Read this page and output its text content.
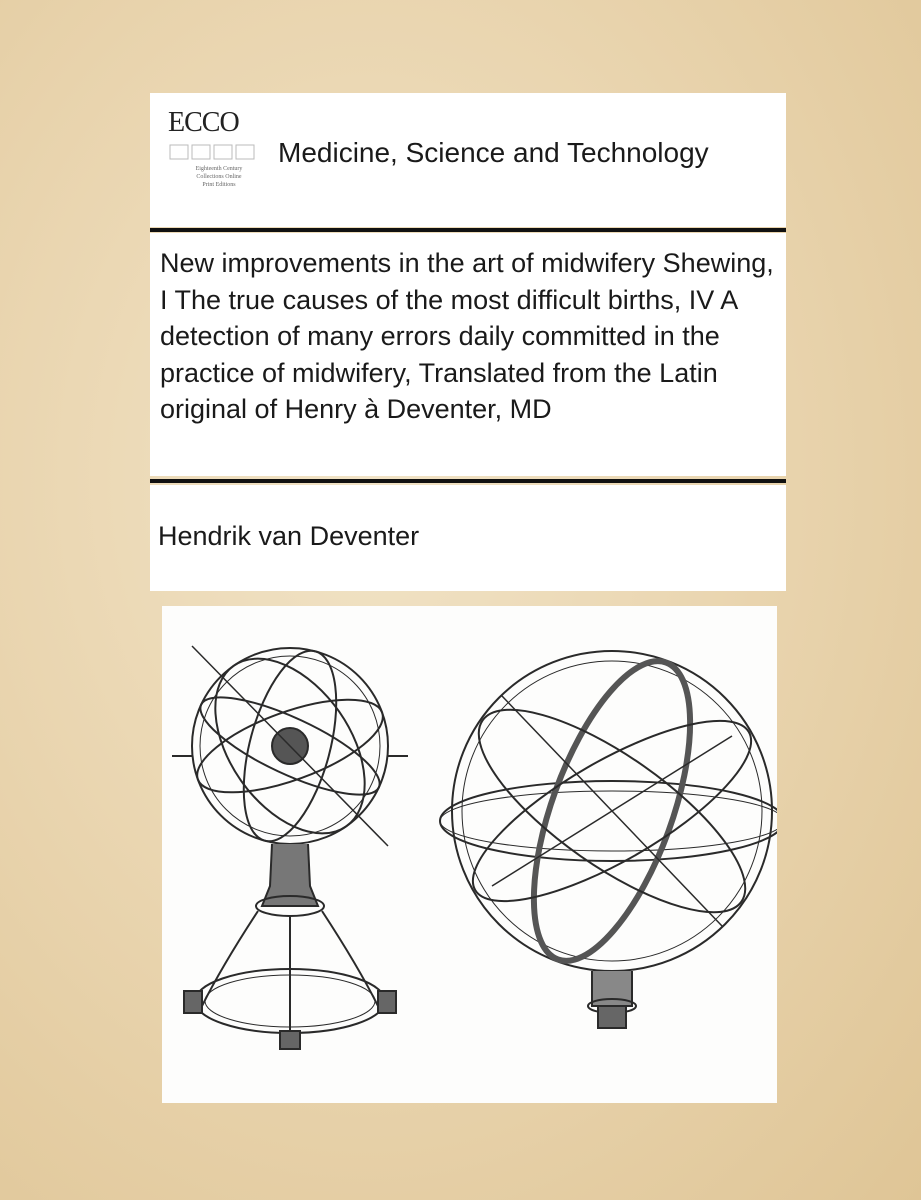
ECCO
Eighteenth Century
Collections Online
Print Editions
Medicine, Science and Technology
New improvements in the art of midwifery Shewing, I The true causes of the most difficult births, IV A detection of many errors daily committed in the practice of midwifery, Translated from the Latin original of Henry à Deventer, MD
Hendrik van Deventer
